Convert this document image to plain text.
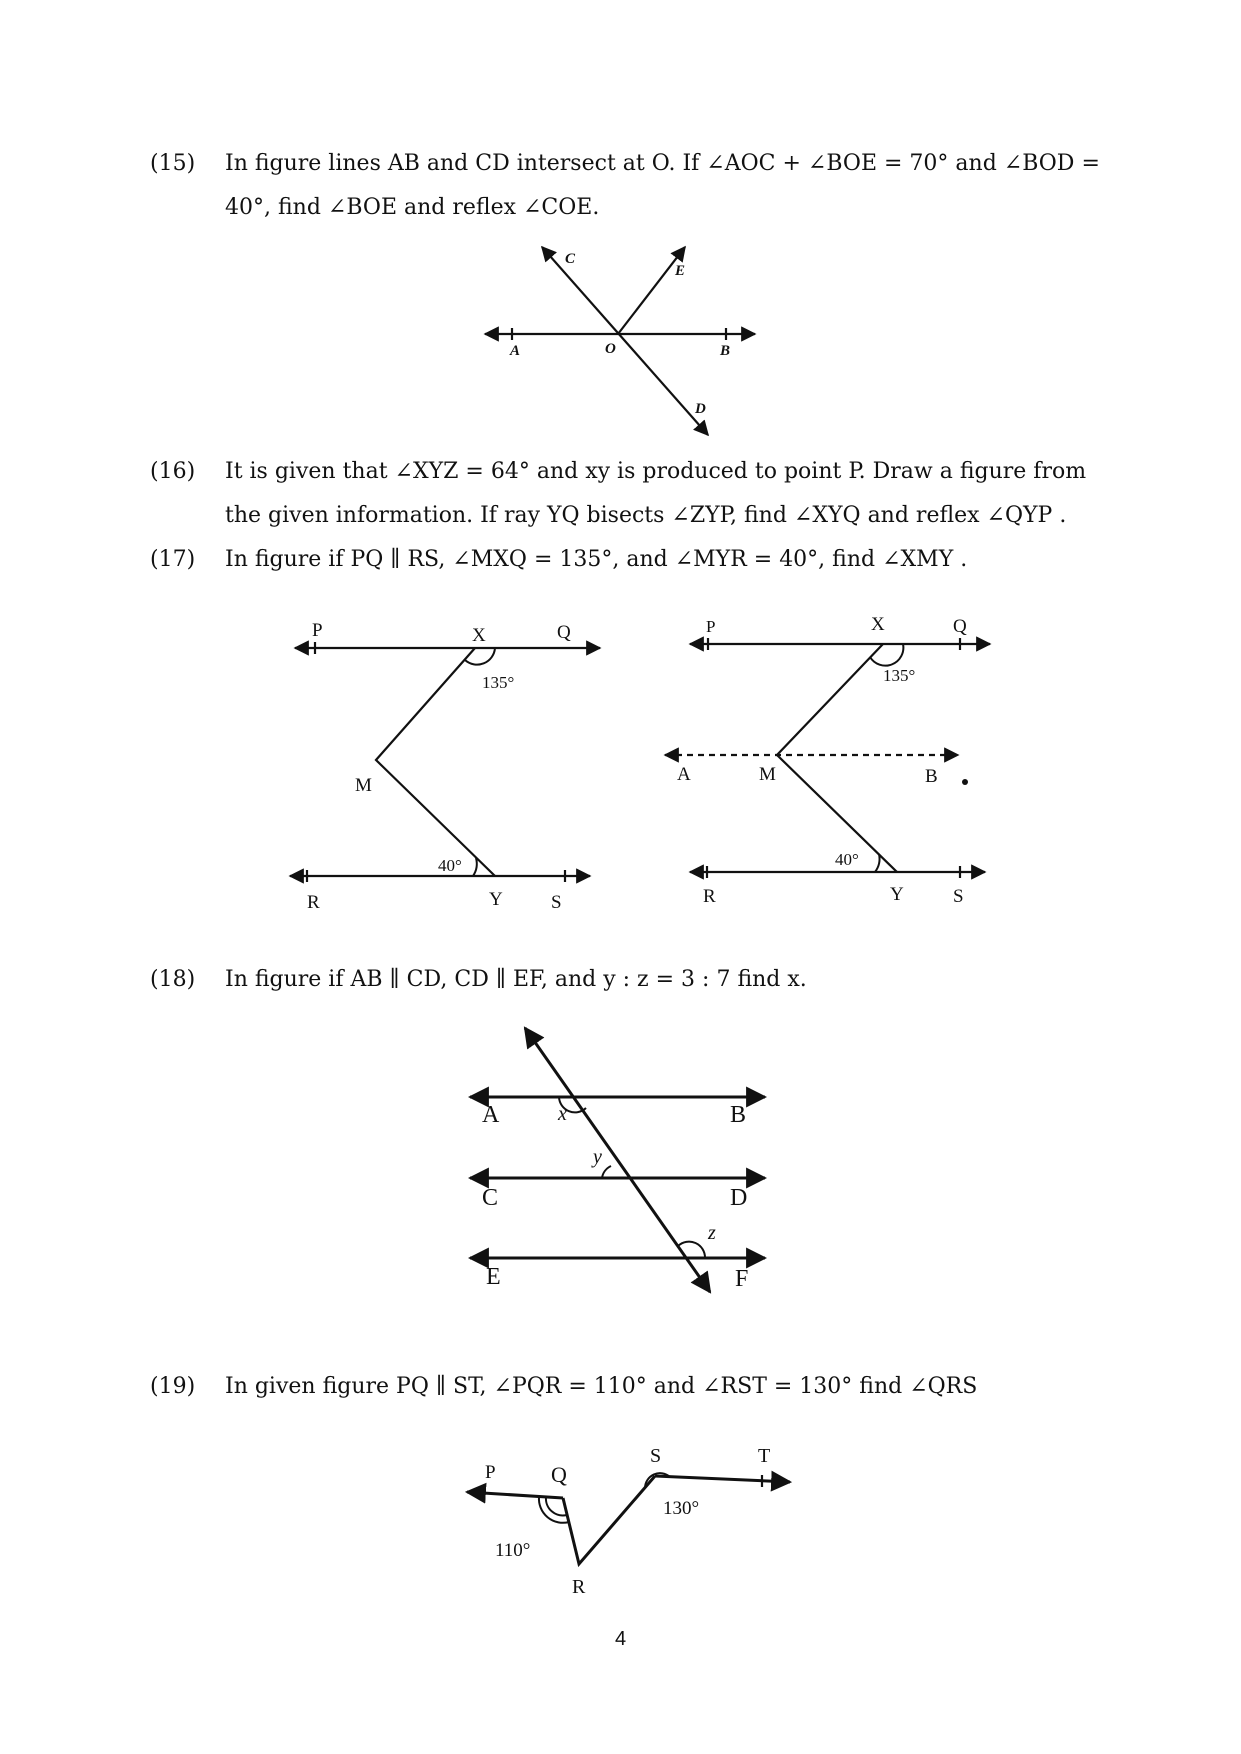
(15) In figure lines AB and CD intersect at O. If ∠AOC + ∠BOE = 70° and ∠BOD =
40°, find ∠BOE and reflex ∠COE.
C
E
A	O	B
D
(16) It is given that ∠XYZ = 64° and xy is produced to point P. Draw a figure from
the given information. If ray YQ bisects ∠ZYP, find ∠XYQ and reflex ∠QYP .
(17) In figure if PQ ∥ RS, ∠MXQ = 135°, and ∠MYR = 40°, find ∠XMY .
P	X	Q
135°
M
40°
R	Y	S
P	X	Q
135°
A	M	B
40°
R	Y	S
(18) In figure if AB ∥ CD, CD ∥ EF, and y : z = 3 : 7 find x.
A	x	B
y
C	D
z
E	F
(19) In given figure PQ ∥ ST, ∠PQR = 110° and ∠RST = 130° find ∠QRS
P	Q
S	T
130°
110°
R
4
